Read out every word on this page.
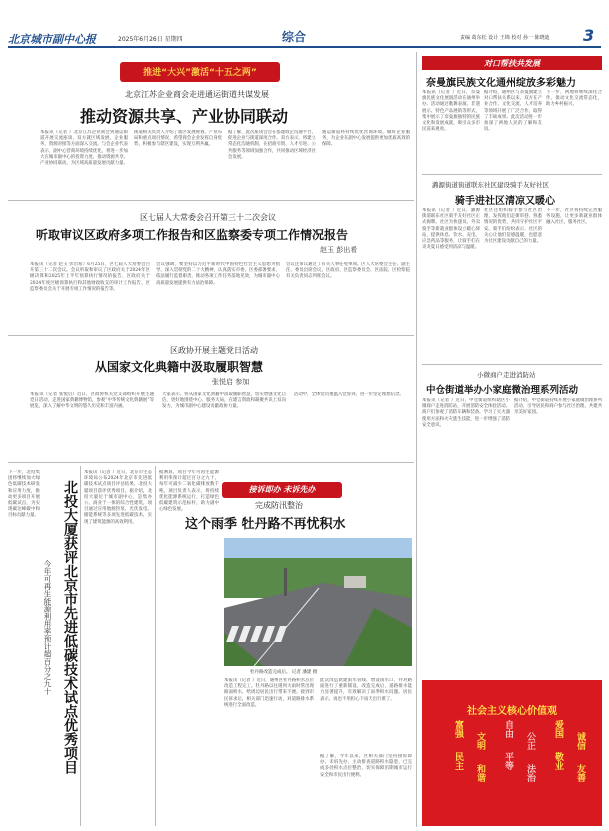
北京城市副中心报	2025年6月26日 星期四	综合	责编 葛东松 设计 王锦 校对 孙一 陈晓迪 3
推进“大兴”激活“十五之两”
北京江苏企业商会走进通运街道共谋发展
推动资源共享、产业协同联动
本报讯（记者 ）北京江苏企业商会到通运街道开展交流座谈，双方就区域发展、企业服务、资源对接等方面深入交流。与会企业代表表示，副中心营商环境持续优化，将进一步加大在城市副中心的投资力度，推动资源共享、产业协同联动，为区域高质量发展贡献力量。
街道相关负责人介绍了辖区发展规划、产业布局和重点项目情况，希望商会企业发挥自身优势，积极参与辖区建设，实现互利共赢。
据了解，此次座谈会旨在搭建政企沟通平台，促进企业与街道深度合作。双方表示，将建立常态化沟通机制，在招商引资、人才引进、公共服务等领域加强合作，共同推动区域经济社会发展。
通运街道将持续优化营商环境，做好企业服务，为企业在副中心发展提供更加优质高效的保障。
区七届人大常委会召开第三十二次会议
听取审议区政府多项工作报告和区监察委专项工作情况报告
赵玉 彭出希
本报讯（记者 赵玉 彭出希）6月25日，区七届人大常委会召开第三十二次会议。会议听取和审议了区政府关于2024年区级决算和2025年上半年预算执行情况的报告、区政府关于2024年度区级预算执行和其他财政收支的审计工作报告、区监察委员会关于开展专项工作情况的报告等。
会议强调，要坚持以习近平新时代中国特色社会主义思想为指导，深入贯彻党的二十大精神，认真落实市委、区委部署要求，依法履行监督职责，推动各项工作任务落地见效，为城市副中心高质量发展提供有力法治保障。
会议还审议通过了有关人事任免事项。区人大常委会主任、副主任、委员出席会议，区政府、区监察委员会、区法院、区检察院有关负责同志列席会议。
区政协开展主题党日活动
从国家文化典籍中汲取履职智慧
张悦启 参加
本报讯（记者 张悦启）近日，区政协机关党支部组织开展主题党日活动，走进国家典籍博物馆，参观“中华传统文化典籍展”等展览，深入了解中华文明的悠久历史和丰富内涵。
大家表示，将从国家文化典籍中汲取履职智慧，切实增强文化自信，更好地围绕中心、服务大局，在建言资政和凝聚共识上双向发力，为城市副中心建设贡献政协力量。
活动中，全体党员重温入党誓词，进一步坚定理想信念。
北投大厦获评北京市先进低碳技术试点优秀项目
今年可再生能源利用率预计超百分之九十
下一步，北投集团将继续加大绿色低碳技术研发和应用力度，推动更多项目开展低碳试点，为实现碳达峰碳中和目标贡献力量。
本报讯（记者 ）近日，北京市生态环境局公布2024年北京市先进低碳技术试点项目评估结果，北投大厦项目获评优秀项目。据介绍，北投大厦位于城市副中心，是集办公、商业于一体的综合性建筑，项目通过应用地源热泵、光伏发电、储能系统等多项先进低碳技术，实现了建筑能源的高效利用。
据测算，项目今年可再生能源利用率预计超过百分之九十，每年可减少二氧化碳排放数千吨。项目负责人表示，将持续优化能源系统运行，打造绿色低碳建筑示范标杆，助力副中心绿色发展。
接诉即办 未诉先办
完成防汛整治
这个雨季 牡丹路不再忧积水
牡丹路改造完成后。 记者 潘建 摄
本报讯（记者 ）近日，通州区牡丹路积水点位改造工程完工。牡丹路以往遇到大雨时常出现路面积水，给周边居民出行带来不便。接到市民诉求后，相关部门迅速行动，对道路排水系统进行全面改造。
此次改造新建雨水管线、增设雨水口，并对路面进行了重新铺设。改造完成后，道路排水能力显著提升，有效解决了雨季积水问题。居民表示，再也不用担心下雨天出行难了。
据了解，今年以来，区相关部门坚持接诉即办、未诉先办，主动排查道路积水隐患，已完成多处积水点位整治，切实保障汛期城市运行安全和市民出行便利。
对口帮扶共发展
奈曼旗民族文化通州绽放多彩魅力
本报讯（记者 ）近日，奈曼旗民族文化展演活动在通州举办。活动通过歌舞表演、非遗展示、特色产品展销等形式，集中展示了奈曼旗独特的民族文化和发展成就，吸引众多市民前来观看。
据介绍，通州区与奈曼旗建立对口帮扶关系以来，双方在产业合作、文化交流、人才培养等领域开展了广泛合作，取得了丰硕成果。此次活动进一步加深了两地人民的了解和友谊。
下一步，两地将继续深化合作，推动文化交流常态化，助力乡村振兴。
潞源街道街道联东社区建设骑手友好社区
骑手进社区清凉又暖心
本报讯（记者 ）近日，潞源街道联东社区骑手友好社区正式揭牌。社区为快递员、外卖骑手等新就业群体设立暖心驿站，提供休息、饮水、充电、应急药品等服务，让骑手们在炎炎夏日感受到清凉与温暖。
社区还组织骑手参与社区治理，发挥他们走街串巷、熟悉情况的优势，共同守护社区平安。骑手们纷纷表示，社区的关心让他们倍感温暖，也愿意为社区建设贡献自己的力量。
下一步，社区将持续完善服务设施，让更多新就业群体融入社区、服务社区。
小微商户走进消防站
中仓街道举办小家庭微治理系列活动
本报讯（记者 ）近日，中仓街道组织辖区小微商户走进消防站，开展消防安全体验活动。商户们参观了消防车辆和装备，学习了灭火器使用方法和火灾逃生技能，进一步增强了消防安全意识。
据介绍，中仓街道持续开展小家庭微治理系列活动，引导居民和商户参与社区治理，共建共享美好家园。
社会主义核心价值观
富强
民主
文明
和谐
自由
平等
公正
法治
爱国
敬业
诚信
友善
